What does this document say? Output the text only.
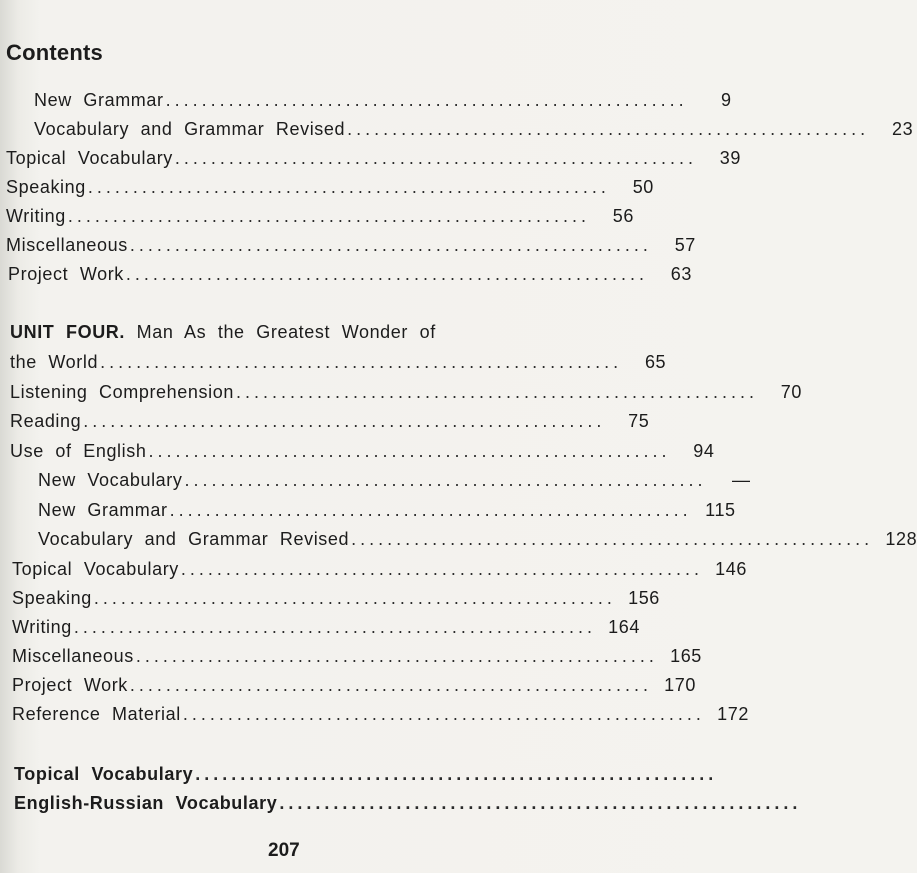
Contents
New Grammar ..........................................................	9
Vocabulary and Grammar Revised ..........................................................	23
Topical Vocabulary ..........................................................	39
Speaking ..........................................................	50
Writing ..........................................................	56
Miscellaneous ..........................................................	57
Project Work ..........................................................	63
UNIT FOUR. Man As the Greatest Wonder of
the World ..........................................................	65
Listening Comprehension ..........................................................	70
Reading ..........................................................	75
Use of English ..........................................................	94
New Vocabulary ..........................................................	—
New Grammar .......................................................... 115
Vocabulary and Grammar Revised .......................................................... 128
Topical Vocabulary .......................................................... 146
Speaking .......................................................... 156
Writing .......................................................... 164
Miscellaneous .......................................................... 165
Project Work .......................................................... 170
Reference Material .......................................................... 172
Topical Vocabulary ..........................................................
English-Russian Vocabulary ..........................................................
207
